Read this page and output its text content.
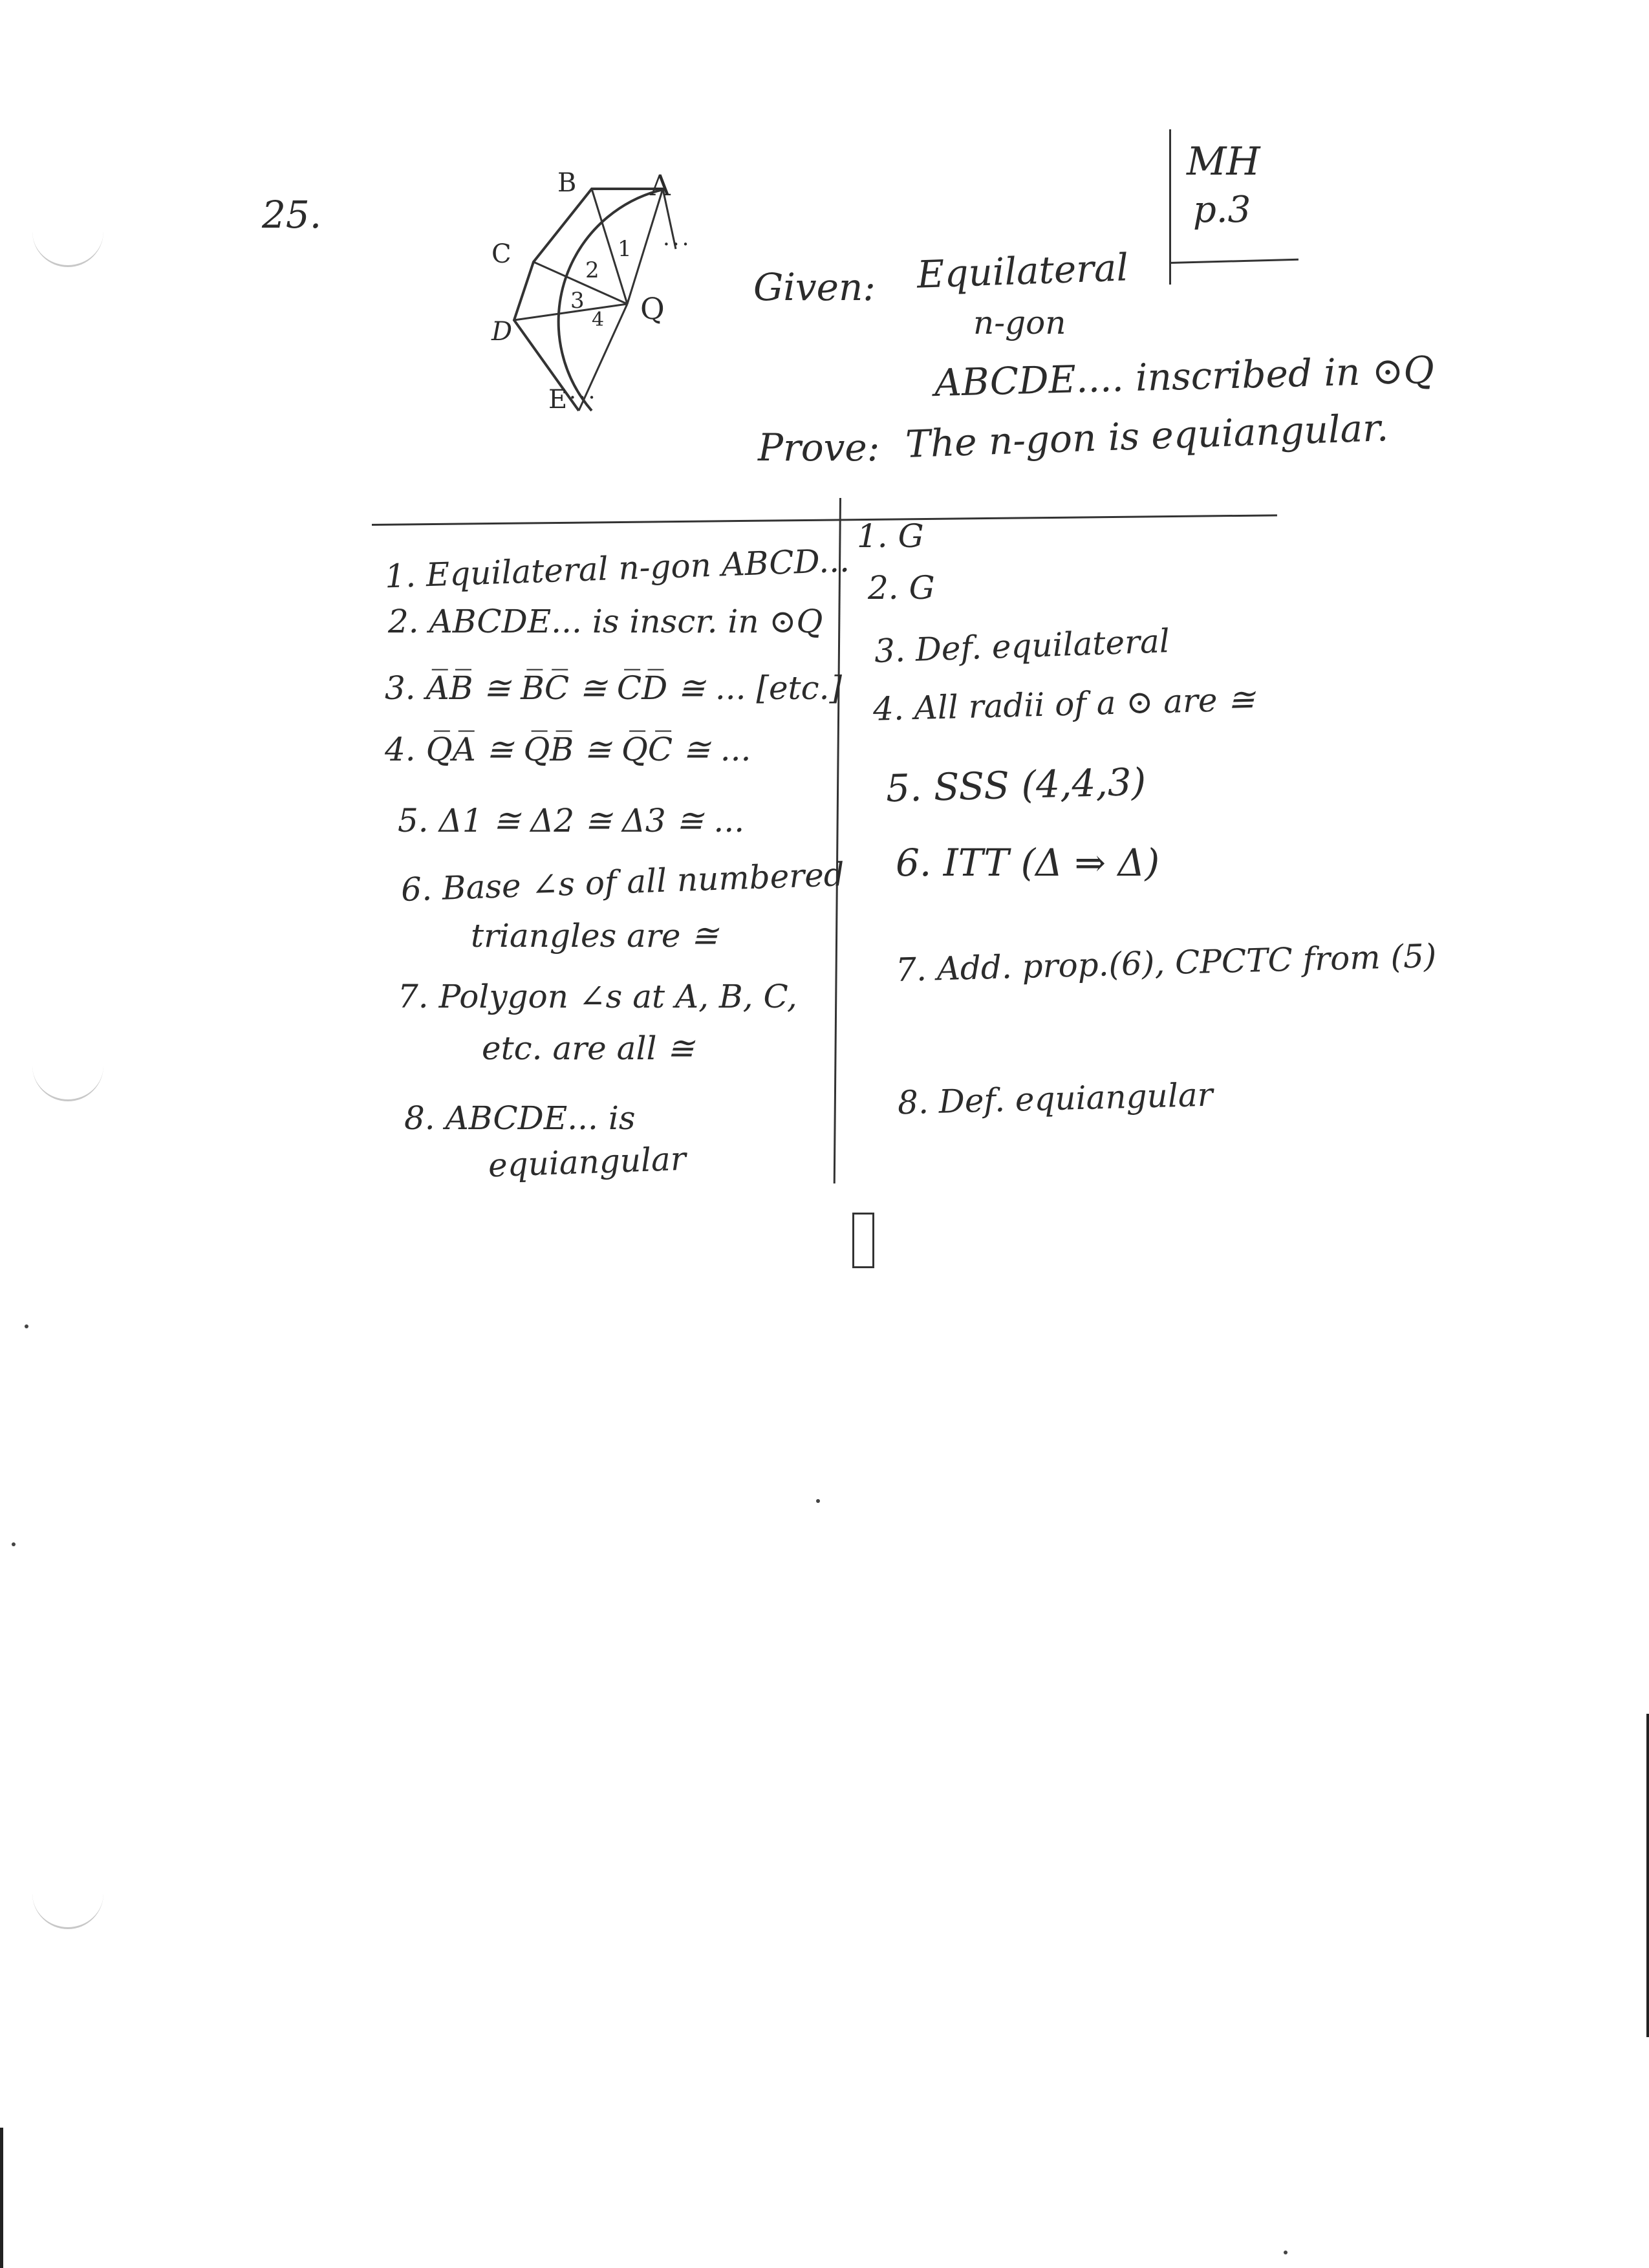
25.
MH
p.3
B	A
C
D
Q
E
1
2
3
4
...
...
Given: Equilateral
n-gon
ABCDE.... inscribed in ⊙Q
Prove: The n-gon is equiangular.
1. Equilateral n-gon ABCD...
2. ABCDE... is inscr. in ⊙Q
3. A̅B̅ ≅ B̅C̅ ≅ C̅D̅ ≅ ... [etc.]
4. Q̅A̅ ≅ Q̅B̅ ≅ Q̅C̅ ≅ ...
5. Δ1 ≅ Δ2 ≅ Δ3 ≅ ...
6. Base ∠s of all numbered
triangles are ≅
7. Polygon ∠s at A, B, C,
etc. are all ≅
8. ABCDE... is
equiangular
1. G
2. G
3. Def. equilateral
4. All radii of a ⊙ are ≅
5. SSS (4,4,3)
6. ITT (Δ ⇒ Δ)
7. Add. prop.(6), CPCTC from (5)
8. Def. equiangular
